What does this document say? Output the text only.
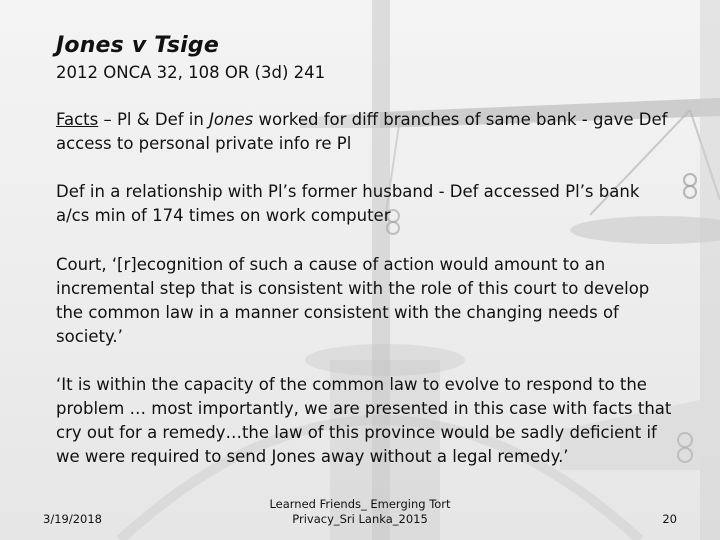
Jones v Tsige
2012 ONCA 32, 108 OR (3d) 241

Facts – Pl & Def in Jones worked for diff branches of same bank - gave Def access to personal private info re Pl

Def in a relationship with Pl’s former husband - Def accessed Pl’s bank a/cs min of 174 times on work computer

Court, ‘[r]ecognition of such a cause of action would amount to an incremental step that is consistent with the role of this court to develop the common law in a manner consistent with the changing needs of society.’

‘It is within the capacity of the common law to evolve to respond to the problem … most importantly, we are presented in this case with facts that cry out for a remedy…the law of this province would be sadly deficient if we were required to send Jones away without a legal remedy.’

3/19/2018
Learned Friends_ Emerging Tort
Privacy_Sri Lanka_2015	20
